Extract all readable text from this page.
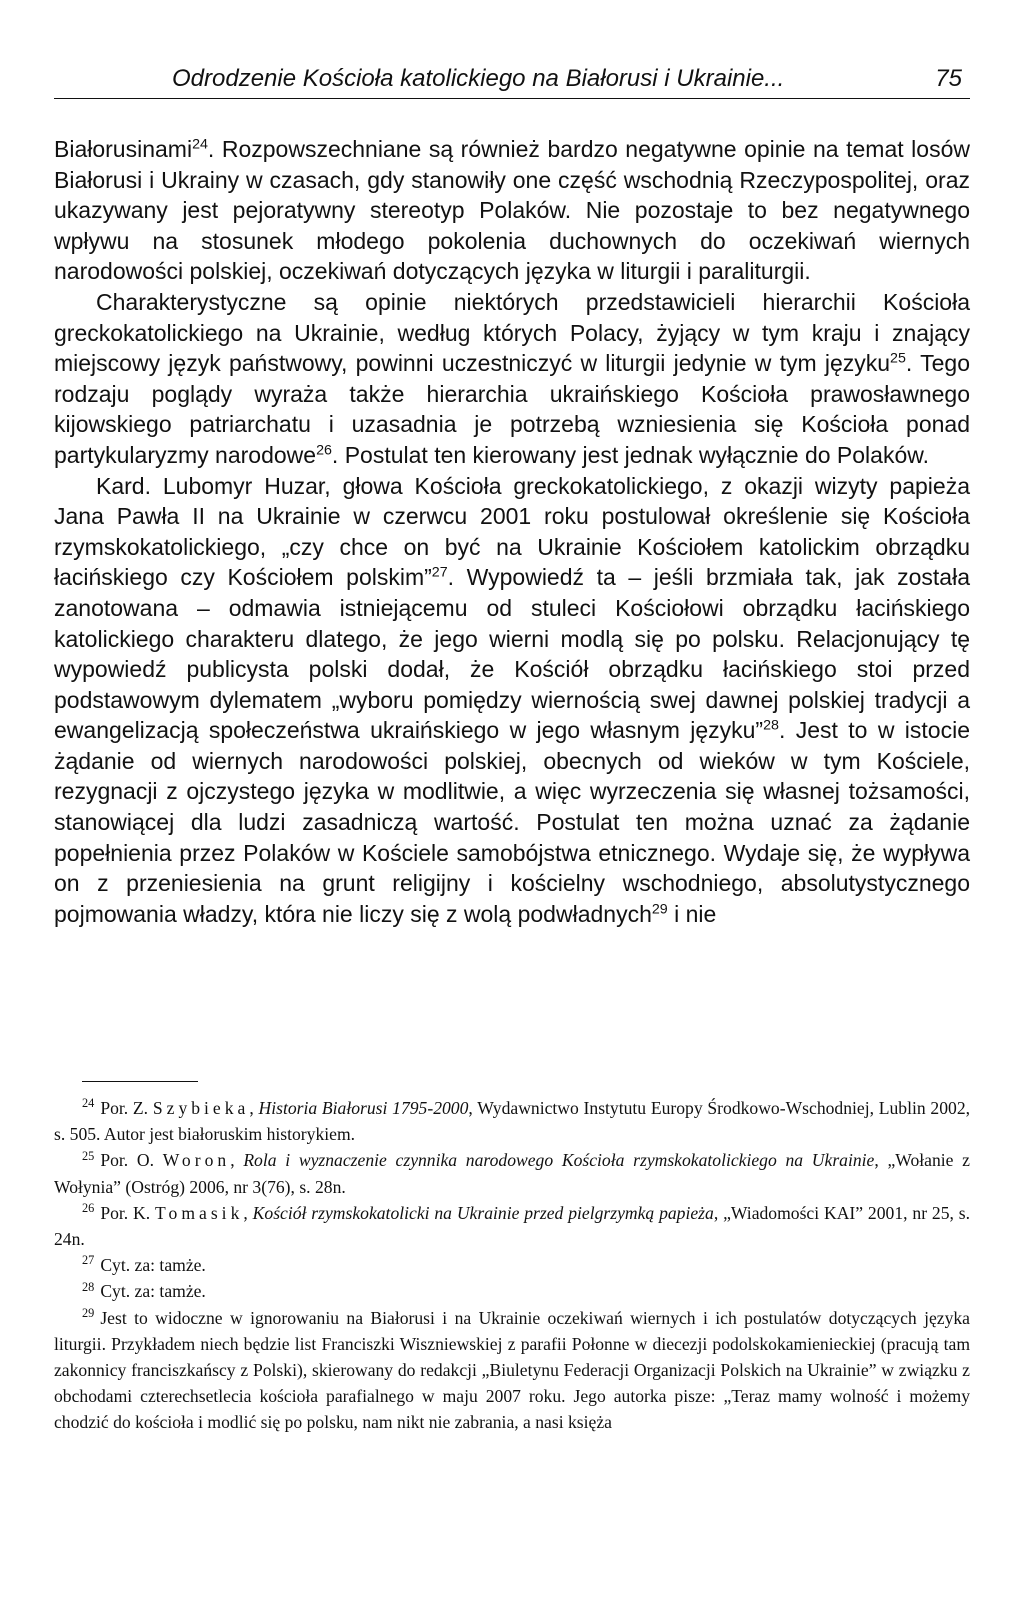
Odrodzenie Kościoła katolickiego na Białorusi i Ukrainie...	75

Białorusinami$^{24}$. Rozpowszechniane są również bardzo negatywne opinie na temat losów Białorusi i Ukrainy w czasach, gdy stanowiły one część wschodnią Rzeczypospolitej, oraz ukazywany jest pejoratywny stereotyp Polaków. Nie pozostaje to bez negatywnego wpływu na stosunek młodego pokolenia duchownych do oczekiwań wiernych narodowości polskiej, oczekiwań dotyczących języka w liturgii i paraliturgii.

Charakterystyczne są opinie niektórych przedstawicieli hierarchii Kościoła greckokatolickiego na Ukrainie, według których Polacy, żyjący w tym kraju i znający miejscowy język państwowy, powinni uczestniczyć w liturgii jedynie w tym języku$^{25}$. Tego rodzaju poglądy wyraża także hierarchia ukraińskiego Kościoła prawosławnego kijowskiego patriarchatu i uzasadnia je potrzebą wzniesienia się Kościoła ponad partykularyzmy narodowe$^{26}$. Postulat ten kierowany jest jednak wyłącznie do Polaków.

Kard. Lubomyr Huzar, głowa Kościoła greckokatolickiego, z okazji wizyty papieża Jana Pawła II na Ukrainie w czerwcu 2001 roku postulował określenie się Kościoła rzymskokatolickiego, „czy chce on być na Ukrainie Kościołem katolickim obrządku łacińskiego czy Kościołem polskim”$^{27}$. Wypowiedź ta – jeśli brzmiała tak, jak została zanotowana – odmawia istniejącemu od stuleci Kościołowi obrządku łacińskiego katolickiego charakteru dlatego, że jego wierni modlą się po polsku. Relacjonujący tę wypowiedź publicysta polski dodał, że Kościół obrządku łacińskiego stoi przed podstawowym dylematem „wyboru pomiędzy wiernością swej dawnej polskiej tradycji a ewangelizacją społeczeństwa ukraińskiego w jego własnym języku”$^{28}$. Jest to w istocie żądanie od wiernych narodowości polskiej, obecnych od wieków w tym Kościele, rezygnacji z ojczystego języka w modlitwie, a więc wyrzeczenia się własnej tożsamości, stanowiącej dla ludzi zasadniczą wartość. Postulat ten można uznać za żądanie popełnienia przez Polaków w Kościele samobójstwa etnicznego. Wydaje się, że wypływa on z przeniesienia na grunt religijny i kościelny wschodniego, absolutystycznego pojmowania władzy, która nie liczy się z wolą podwładnych$^{29}$ i nie

$^{24}$ Por. Z. Szybieka, Historia Białorusi 1795-2000, Wydawnictwo Instytutu Europy Środkowo-Wschodniej, Lublin 2002, s. 505. Autor jest białoruskim historykiem.

$^{25}$ Por. O. Woron, Rola i wyznaczenie czynnika narodowego Kościoła rzymskokatolickiego na Ukrainie, „Wołanie z Wołynia” (Ostróg) 2006, nr 3(76), s. 28n.

$^{26}$ Por. K. Tomasik, Kościół rzymskokatolicki na Ukrainie przed pielgrzymką papieża, „Wiadomości KAI” 2001, nr 25, s. 24n.

$^{27}$ Cyt. za: tamże.

$^{28}$ Cyt. za: tamże.

$^{29}$ Jest to widoczne w ignorowaniu na Białorusi i na Ukrainie oczekiwań wiernych i ich postulatów dotyczących języka liturgii. Przykładem niech będzie list Franciszki Wiszniewskiej z parafii Połonne w diecezji podolskokamienieckiej (pracują tam zakonnicy franciszkańscy z Polski), skierowany do redakcji „Biuletynu Federacji Organizacji Polskich na Ukrainie” w związku z obchodami czterechsetlecia kościoła parafialnego w maju 2007 roku. Jego autorka pisze: „Teraz mamy wolność i możemy chodzić do kościoła i modlić się po polsku, nam nikt nie zabrania, a nasi księża
